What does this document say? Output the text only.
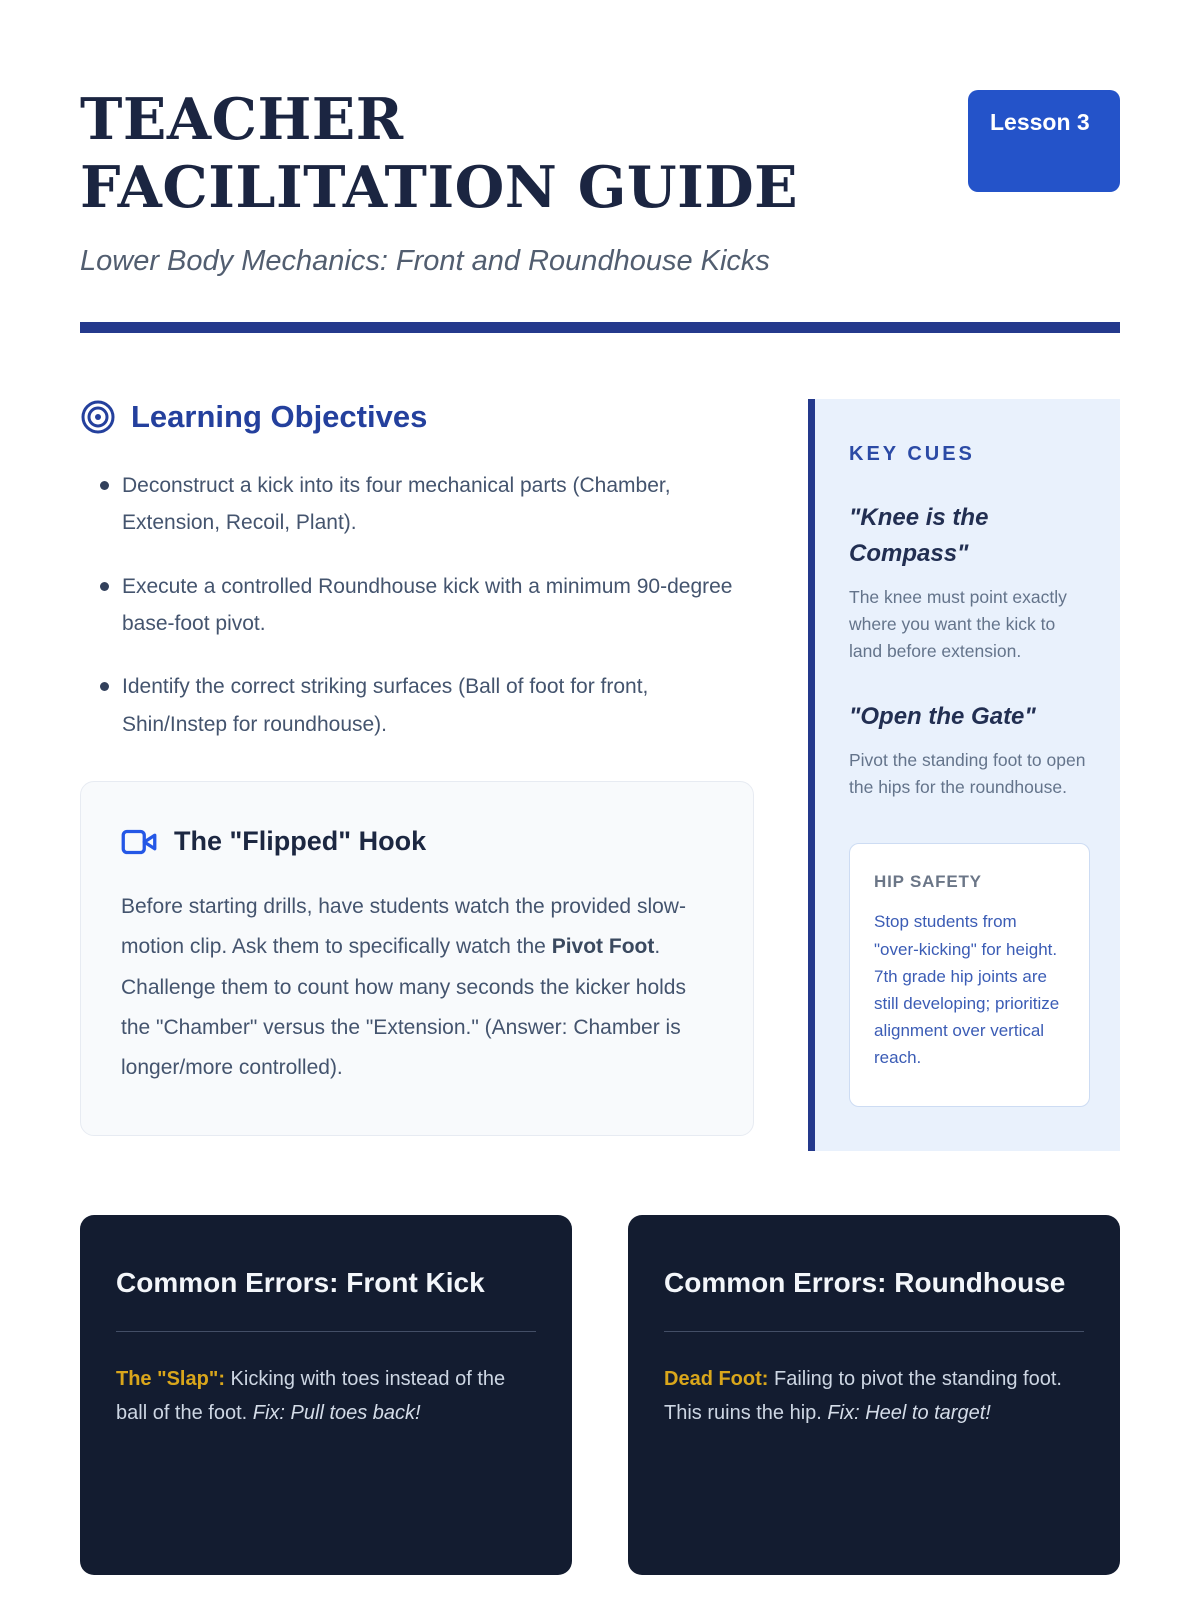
TEACHER FACILITATION GUIDE
Lesson 3

Lower Body Mechanics: Front and Roundhouse Kicks

Learning Objectives
Deconstruct a kick into its four mechanical parts (Chamber, Extension, Recoil, Plant).
Execute a controlled Roundhouse kick with a minimum 90-degree base-foot pivot.
Identify the correct striking surfaces (Ball of foot for front, Shin/Instep for roundhouse).
The "Flipped" Hook

Before starting drills, have students watch the provided slow-motion clip. Ask them to specifically watch the Pivot Foot. Challenge them to count how many seconds the kicker holds the "Chamber" versus the "Extension." (Answer: Chamber is longer/more controlled).

KEY CUES
"Knee is the Compass"

The knee must point exactly where you want the kick to land before extension.

"Open the Gate"

Pivot the standing foot to open the hips for the roundhouse.

HIP SAFETY

Stop students from "over-kicking" for height. 7th grade hip joints are still developing; prioritize alignment over vertical reach.

Common Errors: Front Kick

The "Slap": Kicking with toes instead of the ball of the foot. Fix: Pull toes back!

Common Errors: Roundhouse

Dead Foot: Failing to pivot the standing foot. This ruins the hip. Fix: Heel to target!
